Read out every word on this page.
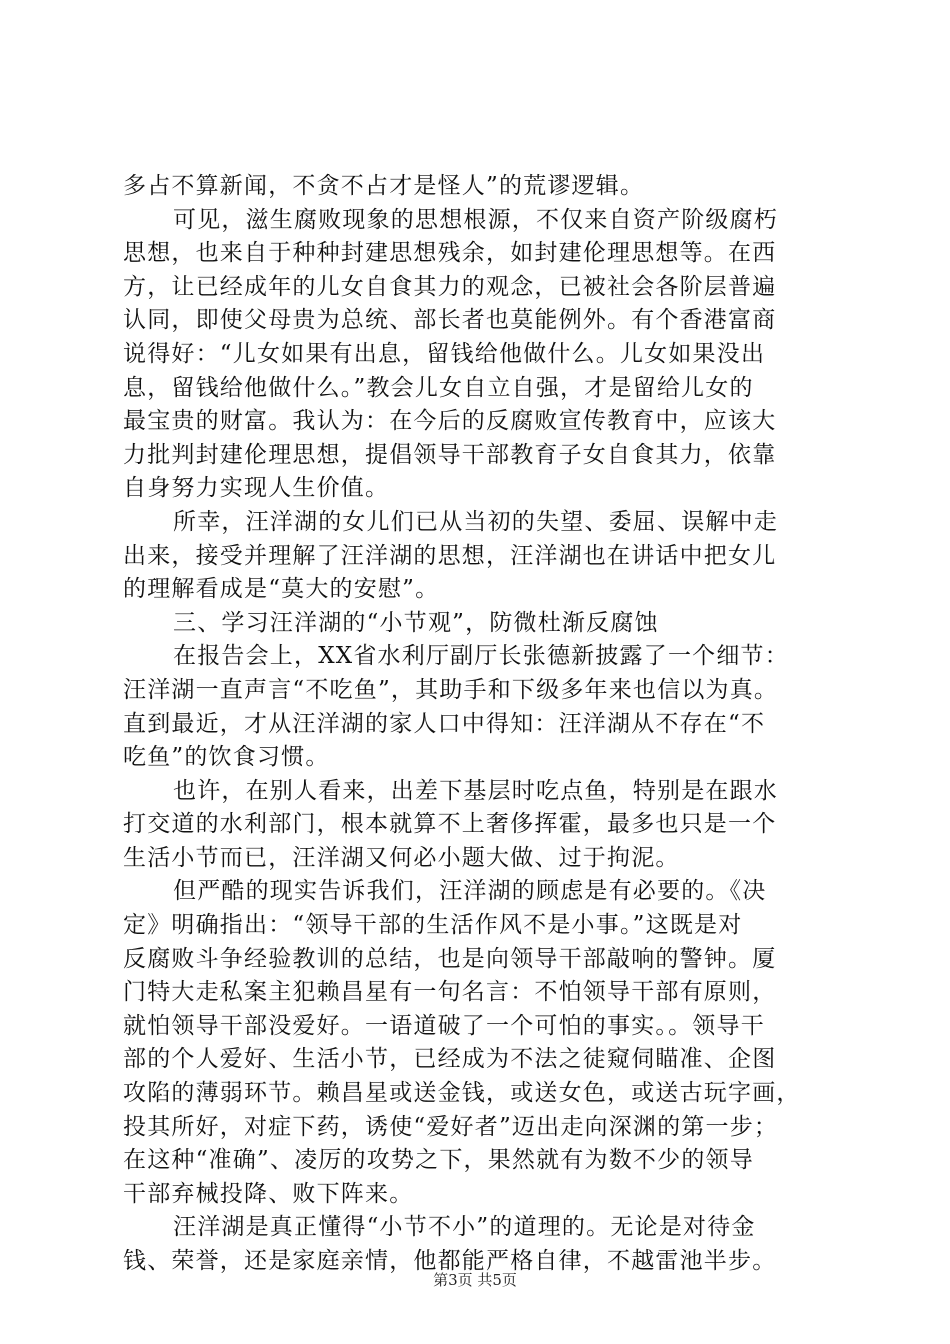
多占不算新闻，不贪不占才是怪人”的荒谬逻辑。
可见，滋生腐败现象的思想根源，不仅来自资产阶级腐朽
思想，也来自于种种封建思想残余，如封建伦理思想等。在西
方，让已经成年的儿女自食其力的观念，已被社会各阶层普遍
认同，即使父母贵为总统、部长者也莫能例外。有个香港富商
说得好：“儿女如果有出息，留钱给他做什么。儿女如果没出
息，留钱给他做什么。”教会儿女自立自强，才是留给儿女的
最宝贵的财富。我认为：在今后的反腐败宣传教育中，应该大
力批判封建伦理思想，提倡领导干部教育子女自食其力，依靠
自身努力实现人生价值。
所幸，汪洋湖的女儿们已从当初的失望、委屈、误解中走
出来，接受并理解了汪洋湖的思想，汪洋湖也在讲话中把女儿
的理解看成是“莫大的安慰”。
三、学习汪洋湖的“小节观”，防微杜渐反腐蚀
在报告会上，XX省水利厅副厅长张德新披露了一个细节：
汪洋湖一直声言“不吃鱼”，其助手和下级多年来也信以为真。
直到最近，才从汪洋湖的家人口中得知：汪洋湖从不存在“不
吃鱼”的饮食习惯。
也许，在别人看来，出差下基层时吃点鱼，特别是在跟水
打交道的水利部门，根本就算不上奢侈挥霍，最多也只是一个
生活小节而已，汪洋湖又何必小题大做、过于拘泥。
但严酷的现实告诉我们，汪洋湖的顾虑是有必要的。《决
定》明确指出：“领导干部的生活作风不是小事。”这既是对
反腐败斗争经验教训的总结，也是向领导干部敲响的警钟。厦
门特大走私案主犯赖昌星有一句名言：不怕领导干部有原则，
就怕领导干部没爱好。一语道破了一个可怕的事实。。领导干
部的个人爱好、生活小节，已经成为不法之徒窥伺瞄准、企图
攻陷的薄弱环节。赖昌星或送金钱，或送女色，或送古玩字画，
投其所好，对症下药，诱使“爱好者”迈出走向深渊的第一步；
在这种“准确”、凌厉的攻势之下，果然就有为数不少的领导
干部弃械投降、败下阵来。
汪洋湖是真正懂得“小节不小”的道理的。无论是对待金
钱、荣誉，还是家庭亲情，他都能严格自律，不越雷池半步。
第3页 共5页
